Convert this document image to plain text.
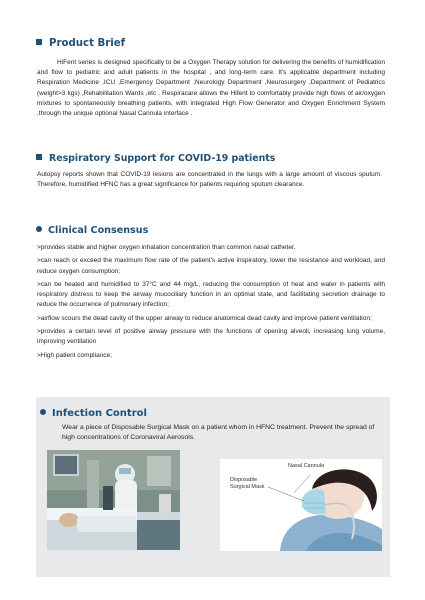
Product Brief

HiFent series is designed specifically to be a Oxygen Therapy solution for delivering the benefits of humidification and flow to pediatric and adult patients in the hospital , and long-term care. It's applicable department including Respiration Medicine ,ICU ,Emergency Department ,Neurology Department ,Neurosurgery ,Department of Pediatrics (weight>3 kgs) ,Rehabilitation Wards ,etc . Respiracare allows the Hifent to comfortably provide high flows of air/oxygen mixtures to spontaneously breathing patients, with integrated High Flow Generator and Oxygen Enrichment System ,through the unique optional Nasal Cannula interface .

Respiratory Support for COVID-19 patients

Autopsy reports shown that COVID-19 lesions are concentrated in the lungs with a large amount of viscous sputum. Therefore, humidified HFNC has a great significance for patients requiring sputum clearance.

Clinical Consensus
>provides stable and higher oxygen inhalation concentration than common nasal catheter.
>can reach or exceed the maximum flow rate of the patient's active inspiratory, lower the resistance and workload, and reduce oxygen consumption;
>can be heated and humidified to 37°C and 44 mg/L, reducing the consumption of heat and water in patients with respiratory distress to keep the airway mucociliary function in an optimal state, and facilitating secretion drainage to reduce the occurrence of pulmonary infection;
>airflow scours the dead cavity of the upper airway to reduce anatomical dead cavity and improve patient ventilation;
>provides a certain level of positive airway pressure with the functions of opening alveoli, increasing lung volume, improving ventilation
>High patient compliance;
Infection Control

Wear a piece of Disposable Surgical Mask on a patient whom in HFNC treatment. Prevent the spread of high concentrations of Coronaviral Aerosols.

Nasal Cannula
Disposable
Surgical Mask
